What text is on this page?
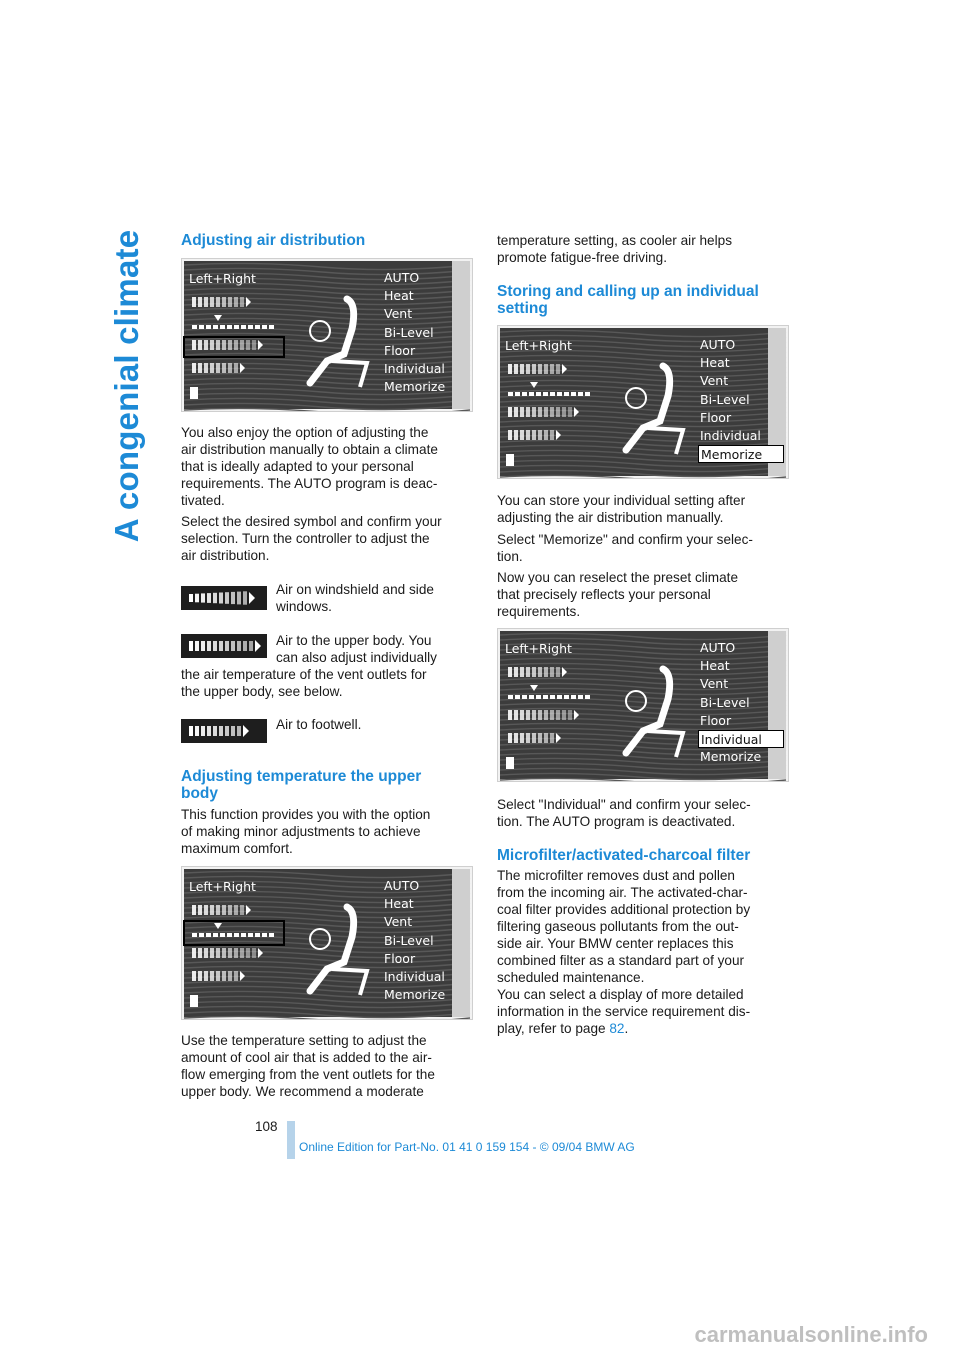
A congenial climate Adjusting air distribution
Left+Right	AUTO
Heat
Vent
Bi-Level
Floor
Individual
Memorize
You also enjoy the option of adjusting the
air distribution manually to obtain a climate
that is ideally adapted to your personal
requirements. The AUTO program is deac-
tivated.
Select the desired symbol and confirm your
selection. Turn the controller to adjust the
air distribution.
Air on windshield and side
windows.
Air to the upper body. You
can also adjust individually
the air temperature of the vent outlets for
the upper body, see below.
Air to footwell.
Adjusting temperature the upper
body
This function provides you with the option
of making minor adjustments to achieve
maximum comfort.
Left+Right	AUTO
Heat
Vent
Bi-Level
Floor
Individual
Memorize
Use the temperature setting to adjust the
amount of cool air that is added to the air-
flow emerging from the vent outlets for the
upper body. We recommend a moderate
temperature setting, as cooler air helps
promote fatigue-free driving.
Storing and calling up an individual
setting
Left+Right	AUTO
Heat
Vent
Bi-Level
Floor
Individual
Memorize
You can store your individual setting after
adjusting the air distribution manually.
Select "Memorize" and confirm your selec-
tion.
Now you can reselect the preset climate
that precisely reflects your personal
requirements.
Left+Right	AUTO
Heat
Vent
Bi-Level
Floor
Individual
Memorize
Select "Individual" and confirm your selec-
tion. The AUTO program is deactivated.
Microfilter/activated-charcoal filter
The microfilter removes dust and pollen
from the incoming air. The activated-char-
coal filter provides additional protection by
filtering gaseous pollutants from the out-
side air. Your BMW center replaces this
combined filter as a standard part of your
scheduled maintenance.
You can select a display of more detailed
information in the service requirement dis-
play, refer to page 82.
108
Online Edition for Part-No. 01 41 0 159 154 - © 09/04 BMW AG
carmanualsonline.info
